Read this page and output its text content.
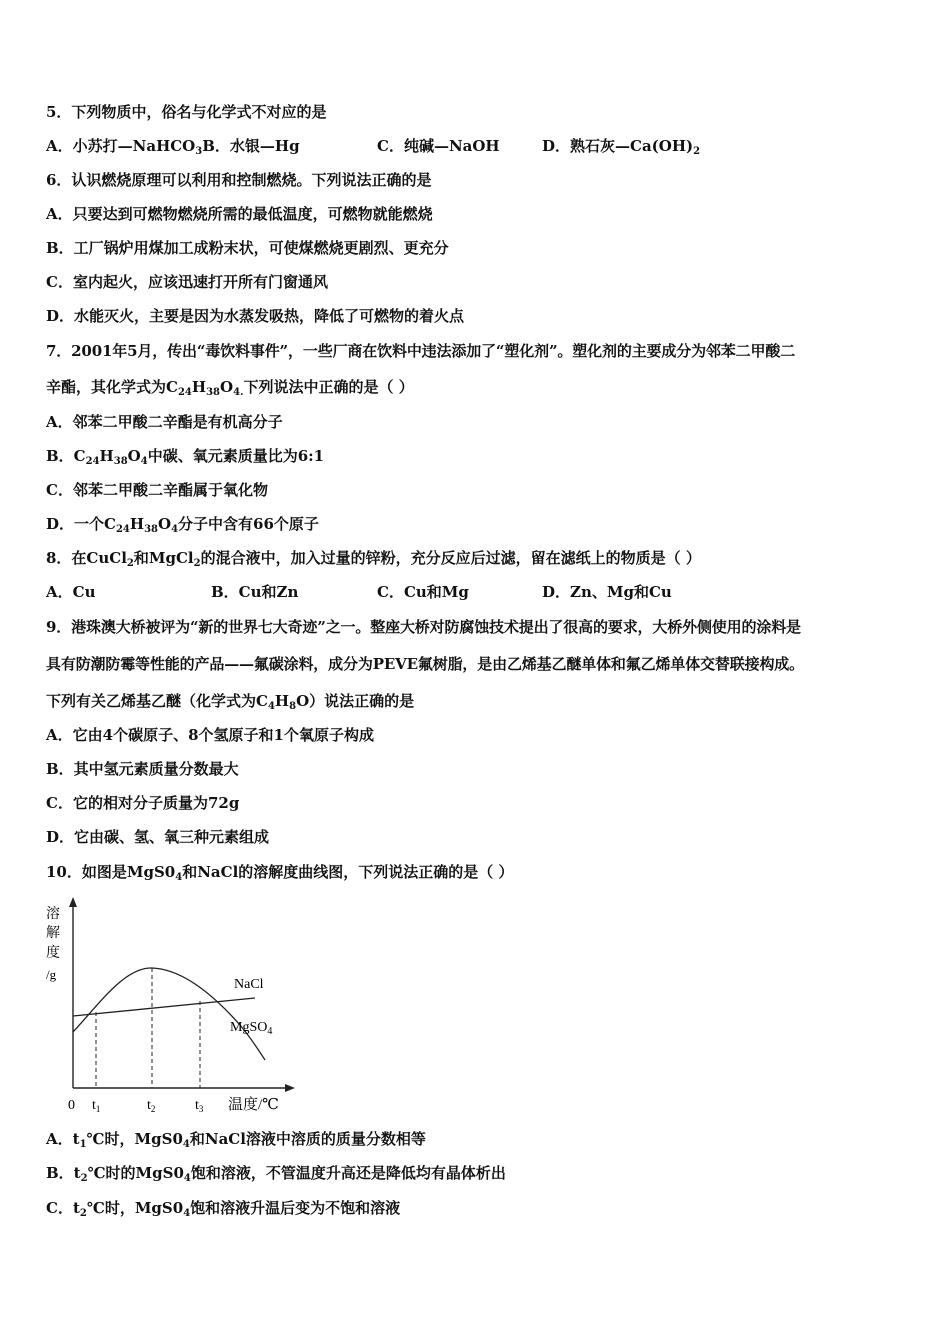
5．下列物质中，俗名与化学式不对应的是
A．小苏打—NaHCO$_3$B．水银—Hg	C．纯碱—NaOH	D．熟石灰$—Ca(OH)_2$
6．认识燃烧原理可以利用和控制燃烧。下列说法正确的是
A．只要达到可燃物燃烧所需的最低温度，可燃物就能燃烧
B．工厂锅炉用煤加工成粉末状，可使煤燃烧更剧烈、更充分
C．室内起火，应该迅速打开所有门窗通风
D．水能灭火，主要是因为水蒸发吸热，降低了可燃物的着火点
7．2001年5月，传出“毒饮料事件”，一些厂商在饮料中违法添加了“塑化剂”。塑化剂的主要成分为邻苯二甲酸二
辛酯，其化学式为$C_{24}H_{38}O_{4.}$下列说法中正确的是（ ）
A．邻苯二甲酸二辛酯是有机高分子
B．$C_{24}H_{38}O_4$中碳、氧元素质量比为6:1
C．邻苯二甲酸二辛酯属于氧化物
D．一个$C_{24}H_{38}O_4$分子中含有66个原子
8．在CuCl$_2$和MgCl$_2$的混合液中，加入过量的锌粉，充分反应后过滤，留在滤纸上的物质是（ ）
A．Cu	B．Cu和Zn	C．Cu和Mg	D．Zn、Mg和Cu
9．港珠澳大桥被评为“新的世界七大奇迹”之一。整座大桥对防腐蚀技术提出了很高的要求，大桥外侧使用的涂料是
具有防潮防霉等性能的产品——氟碳涂料，成分为PEVE氟树脂，是由乙烯基乙醚单体和氟乙烯单体交替联接构成。
下列有关乙烯基乙醚（化学式为$C_4H_8O$）说法正确的是
A．它由4个碳原子、8个氢原子和1个氧原子构成
B．其中氢元素质量分数最大
C．它的相对分子质量为72g
D．它由碳、氢、氧三种元素组成
10．如图是$MgS0_4$和NaCl的溶解度曲线图，下列说法正确的是（ ）
溶
解
度
/g
NaCl
MgSO$_4$
0 $t_1$	$t_2$	$t_3$ 温度/℃
A．$t_1℃$时，$MgS0_4$和NaCl溶液中溶质的质量分数相等
B．$t_2℃$时的$MgS0_4$饱和溶液，不管温度升高还是降低均有晶体析出
C．$t_2℃$时，$MgS0_4$饱和溶液升温后变为不饱和溶液
